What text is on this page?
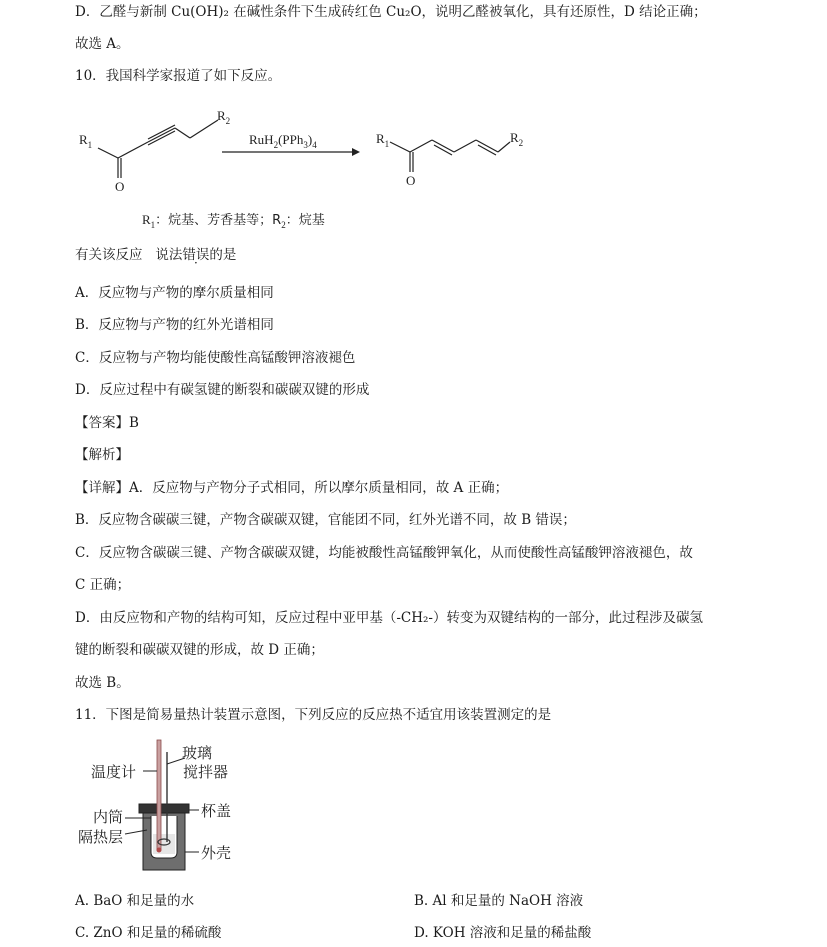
D．乙醛与新制 Cu(OH)₂ 在碱性条件下生成砖红色 Cu₂O，说明乙醛被氧化，具有还原性，D 结论正确；
故选 A。
10．我国科学家报道了如下反应。
$R_1$
O
$R_2$
$RuH_2(PPh_3)_4$	$R_1$
O
$R_2$
$R_1$：烷基、芳香基等；$R_2$：烷基
有关该反应 说法错误的是
A．反应物与产物的摩尔质量相同
B．反应物与产物的红外光谱相同
C．反应物与产物均能使酸性高锰酸钾溶液褪色
D．反应过程中有碳氢键的断裂和碳碳双键的形成
【答案】B
【解析】
【详解】A．反应物与产物分子式相同，所以摩尔质量相同，故 A 正确；
B．反应物含碳碳三键，产物含碳碳双键，官能团不同，红外光谱不同，故 B 错误；
C．反应物含碳碳三键、产物含碳碳双键，均能被酸性高锰酸钾氧化，从而使酸性高锰酸钾溶液褪色，故
C 正确；
D．由反应物和产物的结构可知，反应过程中亚甲基（-CH₂-）转变为双键结构的一部分，此过程涉及碳氢
键的断裂和碳碳双键的形成，故 D 正确；
故选 B。
11．下图是简易量热计装置示意图，下列反应的反应热不适宜用该装置测定的是
玻璃
搅拌器
温度计
杯盖
内筒
隔热层
外壳
A. BaO 和足量的水	B. Al 和足量的 NaOH 溶液
C. ZnO 和足量的稀硫酸	D. KOH 溶液和足量的稀盐酸
